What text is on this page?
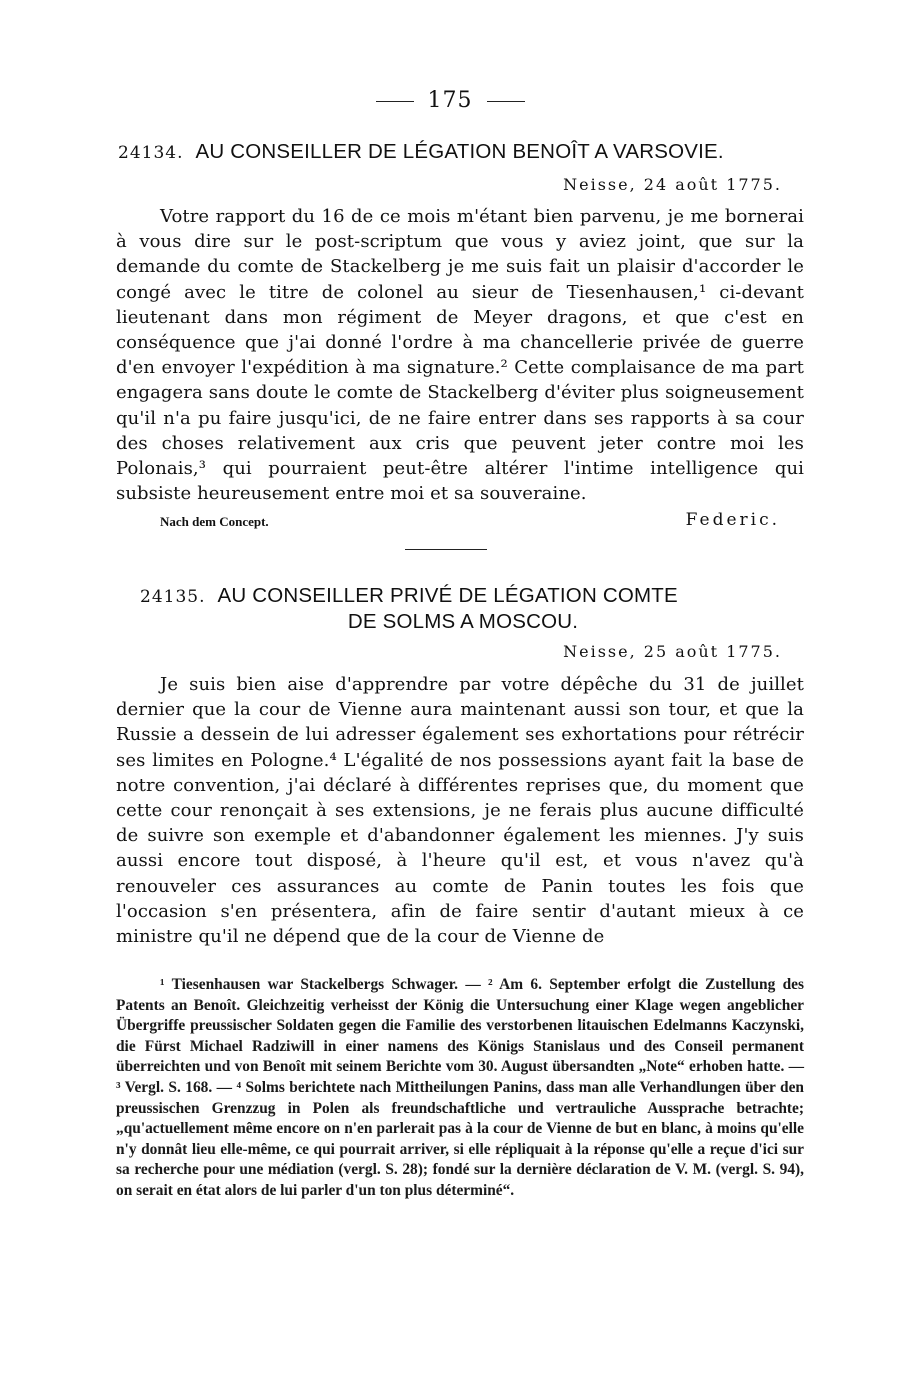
175
24134. AU CONSEILLER DE LÉGATION BENOÎT A VARSOVIE.
Neisse, 24 août 1775.

Votre rapport du 16 de ce mois m'étant bien parvenu, je me bornerai à vous dire sur le post-scriptum que vous y aviez joint, que sur la demande du comte de Stackelberg je me suis fait un plaisir d'accorder le congé avec le titre de colonel au sieur de Tiesenhausen,¹ ci-devant lieutenant dans mon régiment de Meyer dragons, et que c'est en conséquence que j'ai donné l'ordre à ma chancellerie privée de guerre d'en envoyer l'expédition à ma signature.² Cette complaisance de ma part engagera sans doute le comte de Stackelberg d'éviter plus soigneusement qu'il n'a pu faire jusqu'ici, de ne faire entrer dans ses rapports à sa cour des choses relativement aux cris que peuvent jeter contre moi les Polonais,³ qui pourraient peut-être altérer l'intime intelligence qui subsiste heureusement entre moi et sa souveraine.

Nach dem Concept.	Federic.
24135. AU CONSEILLER PRIVÉ DE LÉGATION COMTE
DE SOLMS A MOSCOU.
Neisse, 25 août 1775.

Je suis bien aise d'apprendre par votre dépêche du 31 de juillet dernier que la cour de Vienne aura maintenant aussi son tour, et que la Russie a dessein de lui adresser également ses exhortations pour rétrécir ses limites en Pologne.⁴ L'égalité de nos possessions ayant fait la base de notre convention, j'ai déclaré à différentes reprises que, du moment que cette cour renonçait à ses extensions, je ne ferais plus aucune difficulté de suivre son exemple et d'abandonner également les miennes. J'y suis aussi encore tout disposé, à l'heure qu'il est, et vous n'avez qu'à renouveler ces assurances au comte de Panin toutes les fois que l'occasion s'en présentera, afin de faire sentir d'autant mieux à ce ministre qu'il ne dépend que de la cour de Vienne de

¹ Tiesenhausen war Stackelbergs Schwager. — ² Am 6. September erfolgt die Zustellung des Patents an Benoît. Gleichzeitig verheisst der König die Untersuchung einer Klage wegen angeblicher Übergriffe preussischer Soldaten gegen die Familie des verstorbenen litauischen Edelmanns Kaczynski, die Fürst Michael Radziwill in einer namens des Königs Stanislaus und des Conseil permanent überreichten und von Benoît mit seinem Berichte vom 30. August übersandten „Note“ erhoben hatte. — ³ Vergl. S. 168. — ⁴ Solms berichtete nach Mittheilungen Panins, dass man alle Verhandlungen über den preussischen Grenzzug in Polen als freundschaftliche und vertrauliche Aussprache betrachte; „qu'actuellement même encore on n'en parlerait pas à la cour de Vienne de but en blanc, à moins qu'elle n'y donnât lieu elle-même, ce qui pourrait arriver, si elle répliquait à la réponse qu'elle a reçue d'ici sur sa recherche pour une médiation (vergl. S. 28); fondé sur la dernière déclaration de V. M. (vergl. S. 94), on serait en état alors de lui parler d'un ton plus déterminé“.
